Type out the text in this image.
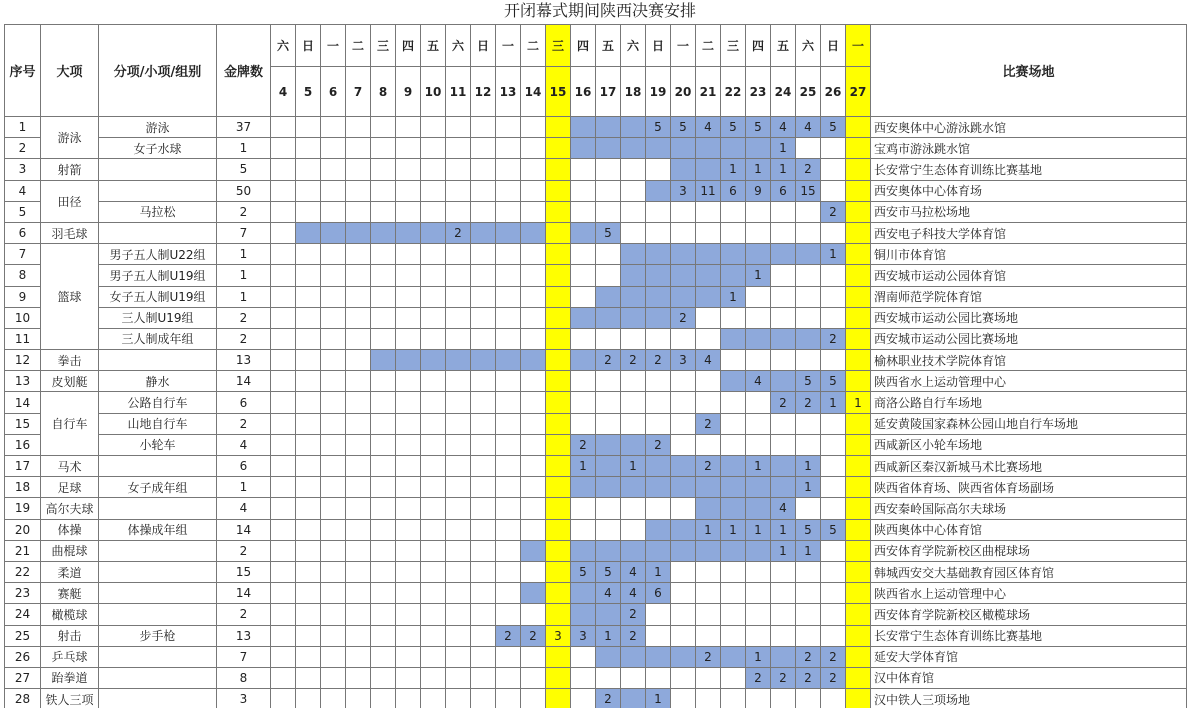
开闭幕式期间陕西决赛安排
序号	大项	分项/小项/组别	金牌数	六	日	一	二	三	四	五	六	日	一	二	三	四	五	六	日	一	二	三	四	五	六	日	一	比赛场地
				4	5	6	7	8	9	10	11	12	13	14	15	16	17	18	19	20	21	22	23	24	25	26	27	
1	游泳	游泳	37																5	5	4	5	5	4	4	5		西安奥体中心游泳跳水馆
2		女子水球	1																					1				宝鸡市游泳跳水馆
3	射箭		5																			1	1	1	2			长安常宁生态体育训练比赛基地
4	田径		50																	3	11	6	9	6	15			西安奥体中心体育场
5		马拉松	2																							2		西安市马拉松场地
6	羽毛球		7								2						5											西安电子科技大学体育馆
7	篮球	男子五人制U22组	1																							1		铜川市体育馆
8		男子五人制U19组	1																				1					西安城市运动公园体育馆
9		女子五人制U19组	1																			1						渭南师范学院体育馆
10		三人制U19组	2																	2								西安城市运动公园比赛场地
11		三人制成年组	2																							2		西安城市运动公园比赛场地
12	拳击		13														2	2	2	3	4							榆林职业技术学院体育馆
13	皮划艇	静水	14																				4		5	5		陕西省水上运动管理中心
14	自行车	公路自行车	6																					2	2	1	1	商洛公路自行车场地
15		山地自行车	2																		2							延安黄陵国家森林公园山地自行车场地
16		小轮车	4													2			2									西咸新区小轮车场地
17	马术		6													1		1			2		1		1			西咸新区秦汉新城马术比赛场地
18	足球	女子成年组	1																						1			陕西省体育场、陕西省体育场副场
19	高尔夫球		4																					4				西安秦岭国际高尔夫球场
20	体操	体操成年组	14																		1	1	1	1	5	5		陕西奥体中心体育馆
21	曲棍球		2																					1	1			西安体育学院新校区曲棍球场
22	柔道		15													5	5	4	1									韩城西安交大基础教育园区体育馆
23	赛艇		14														4	4	6									陕西省水上运动管理中心
24	橄榄球		2															2										西安体育学院新校区橄榄球场
25	射击	步手枪	13										2	2	3	3	1	2										长安常宁生态体育训练比赛基地
26	乒乓球		7																		2		1		2	2		延安大学体育馆
27	跆拳道		8																				2	2	2	2		汉中体育馆
28	铁人三项		3														2		1									汉中铁人三项场地
